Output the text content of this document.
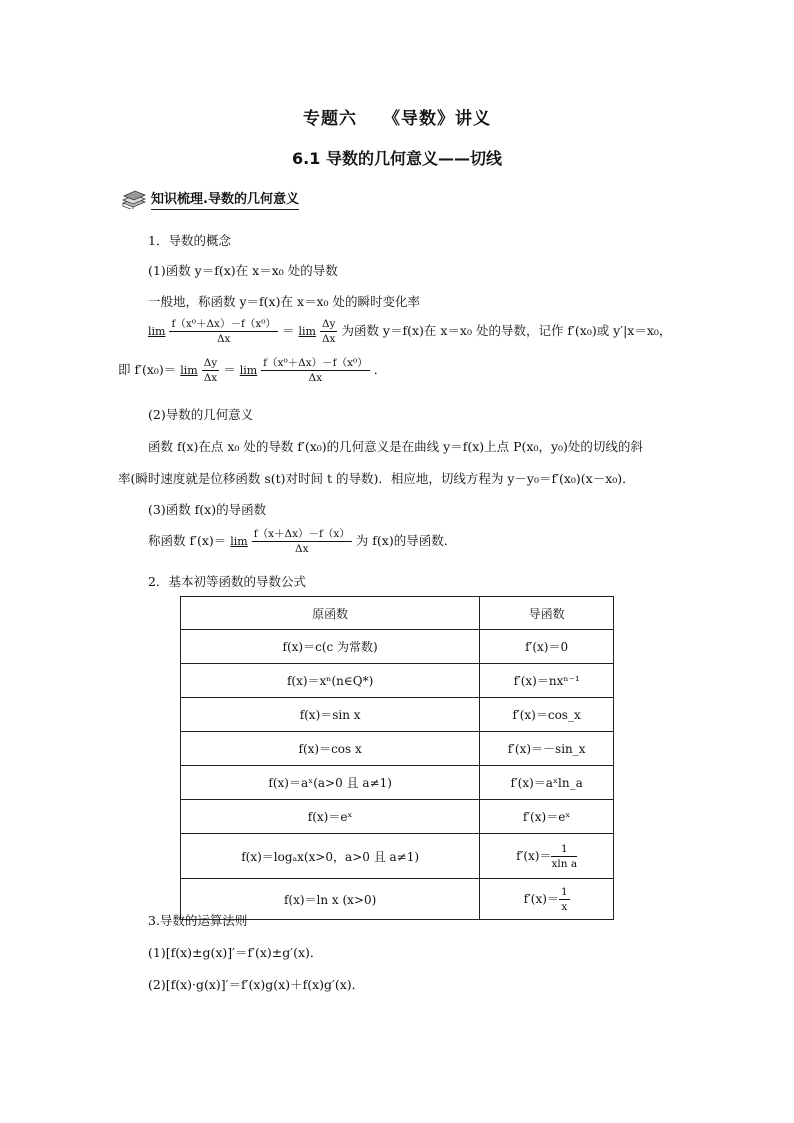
专题六 《导数》讲义
6.1 导数的几何意义——切线
知识梳理.导数的几何意义
1．导数的概念
(1)函数 y＝f(x)在 x＝x₀ 处的导数
一般地，称函数 y＝f(x)在 x＝x₀ 处的瞬时变化率
$\lim \frac{\text{f（x⁰＋Δx）－f（x⁰）}}{\Delta x} = \lim \frac{\Delta y}{\Delta x}$ 为函数 y＝f(x)在 x＝x₀ 处的导数，记作 f′(x₀)或 y′|x＝x₀，
即 $f'(x_0)= \lim \frac{\Delta y}{\Delta x} = \lim \frac{\text{f（x⁰＋Δx）－f（x⁰）}}{\Delta x}$ ．
(2)导数的几何意义
函数 f(x)在点 x₀ 处的导数 f′(x₀)的几何意义是在曲线 y＝f(x)上点 P(x₀，y₀)处的切线的斜
率(瞬时速度就是位移函数 s(t)对时间 t 的导数)．相应地，切线方程为 y－y₀＝f′(x₀)(x－x₀)．
(3)函数 f(x)的导函数
称函数 $f'(x)= \lim \frac{f(x+\Delta x)-f(x)}{\Delta x}$ 为 f(x)的导函数．
2．基本初等函数的导数公式
原函数	导函数
f(x)＝c(c 为常数)	f′(x)＝0
f(x)＝xⁿ(n∈Q*)	f′(x)＝nxⁿ⁻¹
f(x)＝sin x	f′(x)＝cos_x
f(x)＝cos x	f′(x)＝－sin_x
f(x)＝aˣ(a>0 且 a≠1)	f′(x)＝aˣln_a
f(x)＝eˣ	f′(x)＝eˣ
f(x)＝logₐx(x>0，a>0 且 a≠1)	$f'(x)= \frac{1}{\text{xln a}}$

f(x)＝ln x (x>0)	$f'(x)= \frac{1}{x}$
3.导数的运算法则
(1)[f(x)±g(x)]′＝f′(x)±g′(x)．
(2)[f(x)·g(x)]′＝f′(x)g(x)＋f(x)g′(x)．
